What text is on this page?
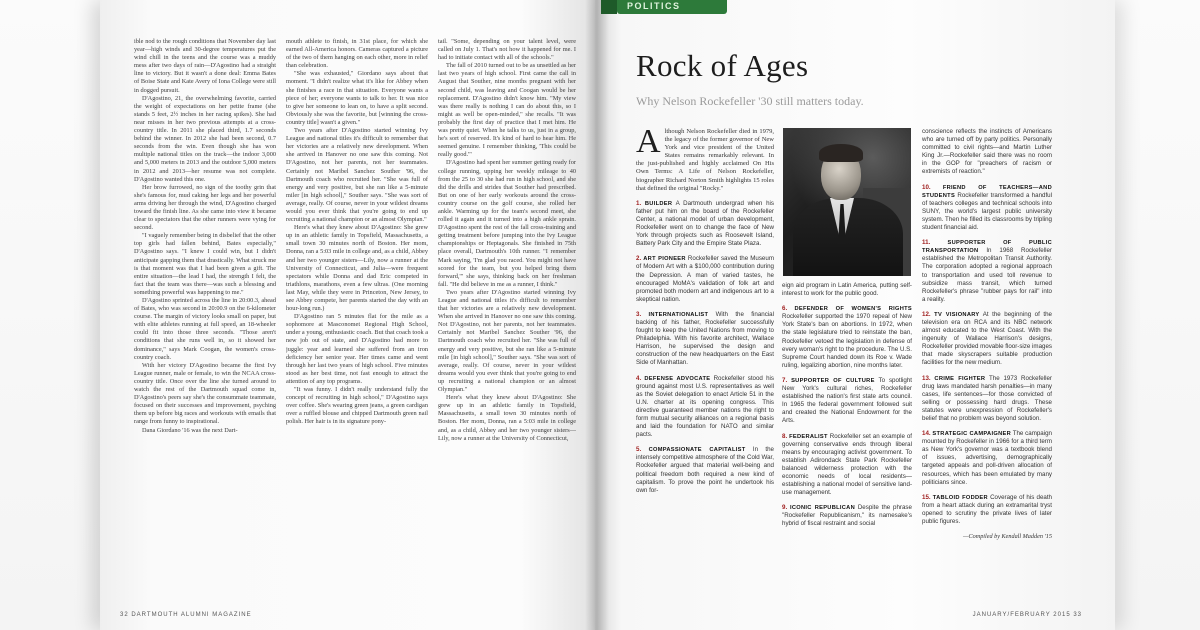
ible nod to the rough conditions that November day last year—high winds and 30-degree temperatures put the wind chill in the teens and the course was a muddy mess after two days of rain—D'Agostino had a straight line to victory. But it wasn't a done deal: Emma Bates of Boise State and Kate Avery of Iona College were still in dogged pursuit.

D'Agostino, 21, the overwhelming favorite, carried the weight of expectations on her petite frame (she stands 5 feet, 2½ inches in her racing spikes). She had near misses in her two previous attempts at a cross-country title. In 2011 she placed third, 1.7 seconds behind the winner. In 2012 she had been second, 0.7 seconds from the win. Even though she has won multiple national titles on the track—the indoor 3,000 and 5,000 meters in 2013 and the outdoor 5,000 meters in 2012 and 2013—her resume was not complete. D'Agostino wanted this one.

Her brow furrowed, no sign of the toothy grin that she's famous for, mud caking her legs and her powerful arms driving her through the wind, D'Agostino charged toward the finish line. As she came into view it became clear to spectators that the other runners were vying for second.

"I vaguely remember being in disbelief that the other top girls had fallen behind, Bates especially," D'Agostino says. "I knew I could win, but I didn't anticipate gapping them that drastically. What struck me is that moment was that I had been given a gift. The entire situation—the lead I had, the strength I felt, the fact that the team was there—was such a blessing and something powerful was happening to me."

D'Agostino sprinted across the line in 20:00.3, ahead of Bates, who was second in 20:00.9 on the 6-kilometer course. The margin of victory looks small on paper, but with elite athletes running at full speed, an 18-wheeler could fit into those three seconds. "Those aren't conditions that she runs well in, so it showed her dominance," says Mark Coogan, the women's cross-country coach.

With her victory D'Agostino became the first Ivy League runner, male or female, to win the NCAA cross-country title. Once over the line she turned around to watch the rest of the Dartmouth squad come in, D'Agostino's peers say she's the consummate teammate, focused on their successes and improvement, psyching them up before big races and workouts with emails that range from funny to inspirational.

Dana Giordano '16 was the next Dart-

mouth athlete to finish, in 31st place, for which she earned All-America honors. Cameras captured a picture of the two of them hanging on each other, more in relief than celebration.

"She was exhausted," Giordano says about that moment. "I didn't realize what it's like for Abbey when she finishes a race in that situation. Everyone wants a piece of her; everyone wants to talk to her. It was nice to give her someone to lean on, to have a split second. Obviously she was the favorite, but [winning the cross-country title] wasn't a given."

Two years after D'Agostino started winning Ivy League and national titles it's difficult to remember that her victories are a relatively new development. When she arrived in Hanover no one saw this coming. Not D'Agostino, not her parents, not her teammates. Certainly not Maribel Sanchez Souther '96, the Dartmouth coach who recruited her. "She was full of energy and very positive, but she ran like a 5-minute miler [in high school]," Souther says. "She was sort of average, really. Of course, never in your wildest dreams would you ever think that you're going to end up recruiting a national champion or an almost Olympian."

Here's what they knew about D'Agostino: She grew up in an athletic family in Topsfield, Massachusetts, a small town 30 minutes north of Boston. Her mom, Donna, ran a 5:03 mile in college and, as a child, Abbey and her two younger sisters—Lily, now a runner at the University of Connecticut, and Julia—were frequent spectators while Donna and dad Eric competed in triathlons, marathons, even a few ultras. (One morning last May, while they were in Princeton, New Jersey, to see Abbey compete, her parents started the day with an hour-long run.)

D'Agostino ran 5 minutes flat for the mile as a sophomore at Masconomet Regional High School, under a young, enthusiastic coach. But that coach took a new job out of state, and D'Agostino had more to juggle: year and learned she suffered from an iron deficiency her senior year. Her times came and went through her last two years of high school. Five minutes stood as her best time, not fast enough to attract the attention of any top programs.

"It was funny. I didn't really understand fully the concept of recruiting in high school," D'Agostino says over coffee. She's wearing green jeans, a green cardigan over a ruffled blouse and chipped Dartmouth green nail polish. Her hair is in its signature pony-

tail. "Some, depending on your talent level, were called on July 1. That's not how it happened for me. I had to initiate contact with all of the schools."

The fall of 2010 turned out to be as unsettled as her last two years of high school. First came the call in August that Souther, nine months pregnant with her second child, was leaving and Coogan would be her replacement. D'Agostino didn't know him. "My view was there really is nothing I can do about this, so I might as well be open-minded," she recalls. "It was probably the first day of practice that I met him. He was pretty quiet. When he talks to us, just in a group, he's sort of reserved. It's kind of hard to hear him. He seemed genuine. I remember thinking, 'This could be really good.'"

D'Agostino had spent her summer getting ready for college running, upping her weekly mileage to 40 from the 25 to 30 she had run in high school, and she did the drills and strides that Souther had prescribed. But on one of her early workouts around the cross-country course on the golf course, she rolled her ankle. Warming up for the team's second meet, she rolled it again and it turned into a high ankle sprain. D'Agostino spent the rest of the fall cross-training and getting treatment before jumping into the Ivy League championships or Heptagonals. She finished in 75th place overall, Dartmouth's 10th runner. "I remember Mark saying, 'I'm glad you raced. You might not have scored for the team, but you helped bring them forward,'" she says, thinking back on her freshman fall. "He did believe in me as a runner, I think."

Two years after D'Agostino started winning Ivy League and national titles it's difficult to remember that her victories are a relatively new development. When she arrived in Hanover no one saw this coming. Not D'Agostino, not her parents, not her teammates. Certainly not Maribel Sanchez Souther '96, the Dartmouth coach who recruited her. "She was full of energy and very positive, but she ran like a 5-minute mile [in high school]," Souther says. "She was sort of average, really. Of course, never in your wildest dreams would you ever think that you're going to end up recruiting a national champion or an almost Olympian."

Here's what they knew about D'Agostino: She grew up in an athletic family in Topsfield, Massachusetts, a small town 30 minutes north of Boston. Her mom, Donna, ran a 5:03 mile in college and, as a child, Abbey and her two younger sisters—Lily, now a runner at the University of Connecticut,

32 DARTMOUTH ALUMNI MAGAZINE
POLITICS
Rock of Ages
Why Nelson Rockefeller '30 still matters today.

Although Nelson Rockefeller died in 1979, the legacy of the former governor of New York and vice president of the United States remains remarkably relevant. In the just-published and highly acclaimed On His Own Terms: A Life of Nelson Rockefeller, biographer Richard Norton Smith highlights 15 roles that defined the original "Rocky."

1. BUILDER A Dartmouth undergrad when his father put him on the board of the Rockefeller Center, a national model of urban development, Rockefeller went on to change the face of New York through projects such as Roosevelt Island, Battery Park City and the Empire State Plaza.

2. ART PIONEER Rockefeller saved the Museum of Modern Art with a $100,000 contribution during the Depression. A man of varied tastes, he encouraged MoMA's validation of folk art and promoted both modern art and indigenous art to a skeptical nation.

3. INTERNATIONALIST With the financial backing of his father, Rockefeller successfully fought to keep the United Nations from moving to Philadelphia. With his favorite architect, Wallace Harrison, he supervised the design and construction of the new headquarters on the East Side of Manhattan.

4. DEFENSE ADVOCATE Rockefeller stood his ground against most U.S. representatives as well as the Soviet delegation to enact Article 51 in the U.N. charter at its opening congress. This directive guaranteed member nations the right to form mutual security alliances on a regional basis and laid the foundation for NATO and similar pacts.

5. COMPASSIONATE CAPITALIST In the intensely competitive atmosphere of the Cold War, Rockefeller argued that material well-being and political freedom both required a new kind of capitalism. To prove the point he undertook his own for-

eign aid program in Latin America, putting self-interest to work for the public good.

6. DEFENDER OF WOMEN'S RIGHTS Rockefeller supported the 1970 repeal of New York State's ban on abortions. In 1972, when the state legislature tried to reinstate the ban, Rockefeller vetoed the legislation in defense of every woman's right to the procedure. The U.S. Supreme Court handed down its Roe v. Wade ruling, legalizing abortion, nine months later.

7. SUPPORTER OF CULTURE To spotlight New York's cultural riches, Rockefeller established the nation's first state arts council. In 1965 the federal government followed suit and created the National Endowment for the Arts.

8. FEDERALIST Rockefeller set an example of governing conservative ends through liberal means by encouraging activist government. To establish Adirondack State Park Rockefeller balanced wilderness protection with the economic needs of local residents—establishing a national model of sensitive land-use management.

9. ICONIC REPUBLICAN Despite the phrase "Rockefeller Republicanism," its namesake's hybrid of fiscal restraint and social

conscience reflects the instincts of Americans who are turned off by party politics. Personally committed to civil rights—and Martin Luther King Jr.—Rockefeller said there was no room in the GOP for "preachers of racism or extremists of reaction."

10. FRIEND OF TEACHERS—AND STUDENTS Rockefeller transformed a handful of teachers colleges and technical schools into SUNY, the world's largest public university system. Then he filled its classrooms by tripling student financial aid.

11.	SUPPORTER OF PUBLIC TRANSPORTATION In 1968 Rockefeller established the Metropolitan Transit Authority. The corporation adopted a regional approach to transportation and used toll revenue to subsidize mass transit, which turned Rockefeller's phrase "rubber pays for rail" into a reality.

12. TV VISIONARY At the beginning of the television era on RCA and its NBC network almost educated to the West Coast. With the ingenuity of Wallace Harrison's designs, Rockefeller provided movable floor-size images that made skyscrapers suitable production facilities for the new medium.

13. CRIME FIGHTER The 1973 Rockefeller drug laws mandated harsh penalties—in many cases, life sentences—for those convicted of selling or possessing hard drugs. These statutes were unexpression of Rockefeller's belief that no problem was beyond solution.

14. STRATEGIC CAMPAIGNER The campaign mounted by Rockefeller in 1966 for a third term as New York's governor was a textbook blend of issues, advertising, demographically targeted appeals and poll-driven allocation of resources, which has been emulated by many politicians since.

15. TABLOID FODDER Coverage of his death from a heart attack during an extramarital tryst opened to scrutiny the private lives of later public figures.

—Compiled by Kendall Madden '15
JANUARY/FEBRUARY 2015 33
